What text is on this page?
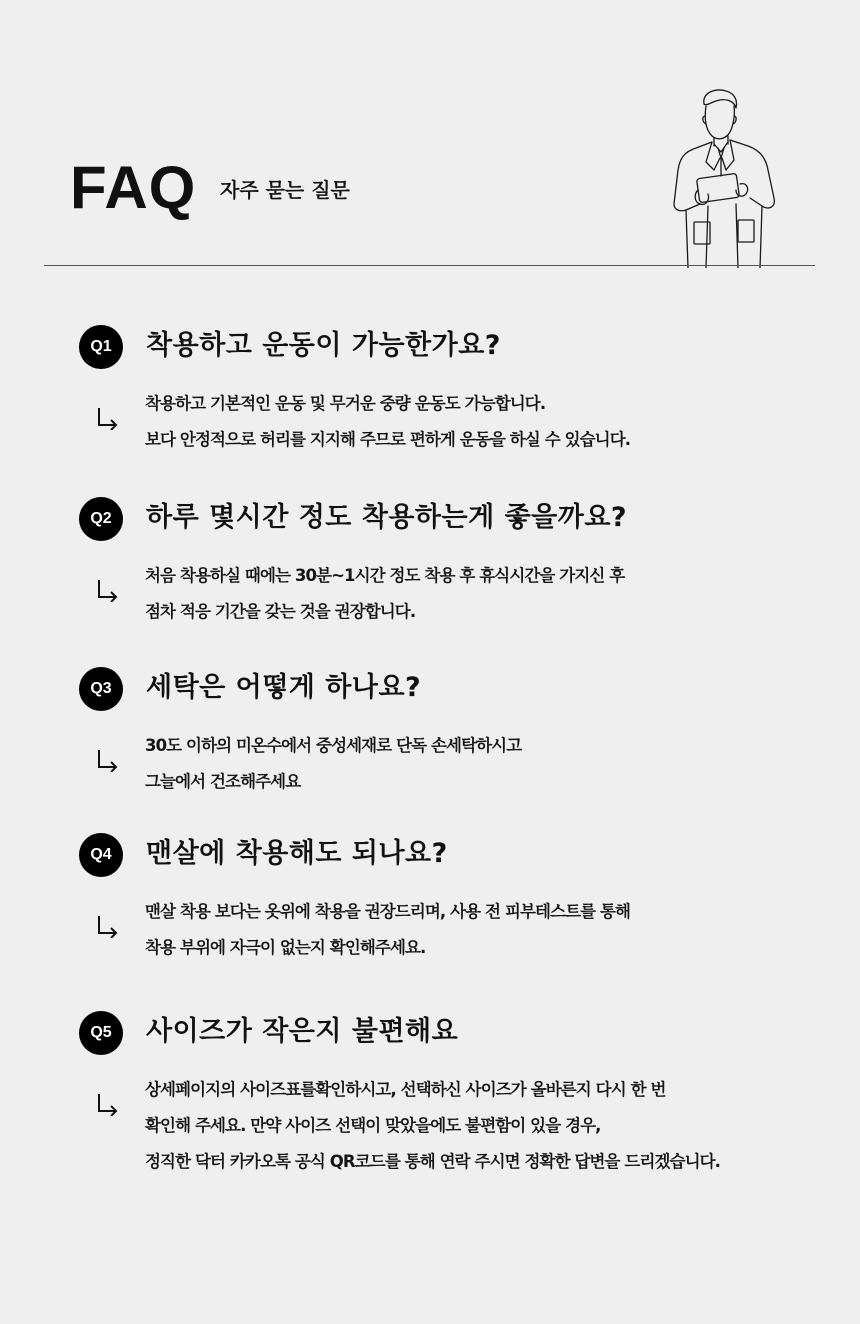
FAQ 자주 묻는 질문
Q1	착용하고 운동이 가능한가요?
착용하고 기본적인 운동 및 무거운 중량 운동도 가능합니다.
보다 안정적으로 허리를 지지해 주므로 편하게 운동을 하실 수 있습니다.
Q2	하루 몇시간 정도 착용하는게 좋을까요?
처음 착용하실 때에는 30분~1시간 정도 착용 후 휴식시간을 가지신 후
점차 적응 기간을 갖는 것을 권장합니다.
Q3	세탁은 어떻게 하나요?
30도 이하의 미온수에서 중성세재로 단독 손세탁하시고
그늘에서 건조해주세요
Q4	맨살에 착용해도 되나요?
맨살 착용 보다는 옷위에 착용을 권장드리며, 사용 전 피부테스트를 통해
착용 부위에 자극이 없는지 확인해주세요.
Q5	사이즈가 작은지 불편해요
상세페이지의 사이즈표를확인하시고, 선택하신 사이즈가 올바른지 다시 한 번
확인해 주세요. 만약 사이즈 선택이 맞았을에도 불편함이 있을 경우,
정직한 닥터 카카오톡 공식 QR코드를 통해 연락 주시면 정확한 답변을 드리겠습니다.
